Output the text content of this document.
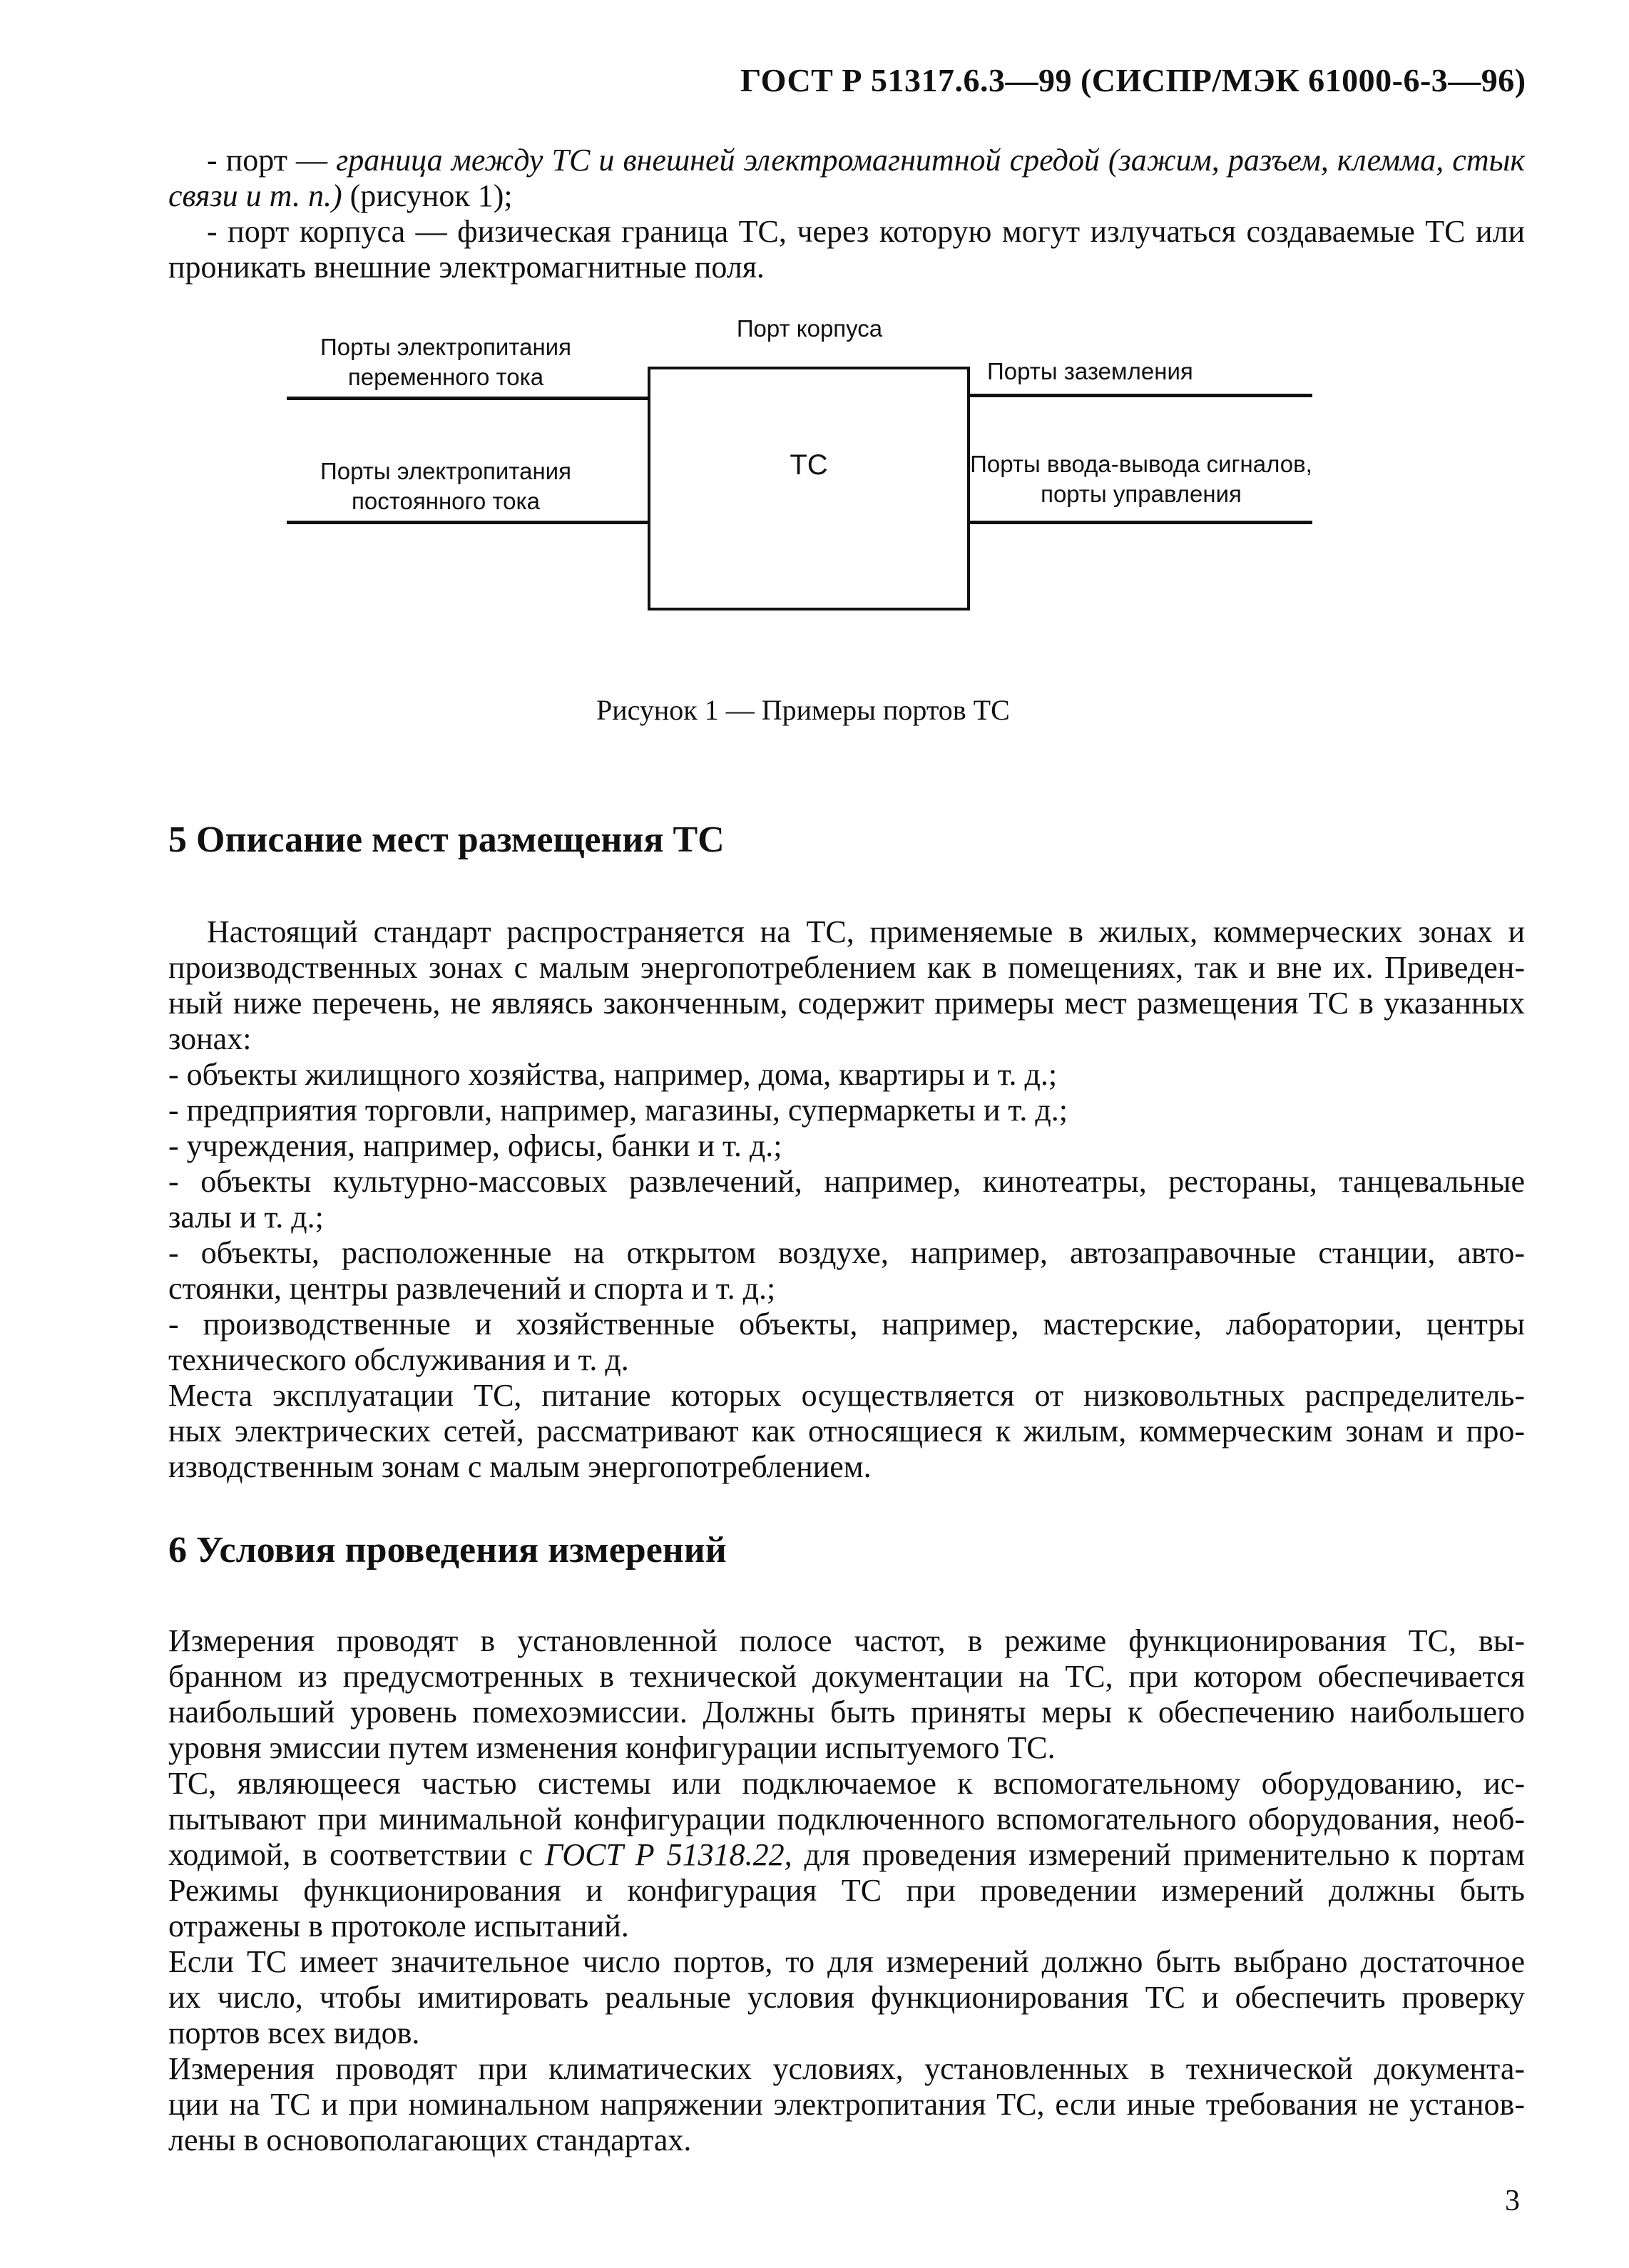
ГОСТ Р 51317.6.3—99 (СИСПР/МЭК 61000-6-3—96)

- порт — граница между ТС и внешней электромагнитной средой (зажим, разъем, клемма, стык

связи и т. п.) (рисунок 1);

- порт корпуса — физическая граница ТС, через которую могут излучаться создаваемые ТС или

проникать внешние электромагнитные поля.

Порт корпуса

Порты электропитания
переменного тока

Порты электропитания
постоянного тока

ТС

Порты заземления

Порты ввода-вывода сигналов,
порты управления

Рисунок 1 — Примеры портов ТС

5 Описание мест размещения ТС

Настоящий стандарт распространяется на ТС, применяемые в жилых, коммерческих зонах и

производственных зонах с малым энергопотреблением как в помещениях, так и вне их. Приведен-

ный ниже перечень, не являясь законченным, содержит примеры мест размещения ТС в указанных

зонах:

- объекты жилищного хозяйства, например, дома, квартиры и т. д.;

- предприятия торговли, например, магазины, супермаркеты и т. д.;

- учреждения, например, офисы, банки и т. д.;

- объекты культурно-массовых развлечений, например, кинотеатры, рестораны, танцевальные

залы и т. д.;

- объекты, расположенные на открытом воздухе, например, автозаправочные станции, авто-

стоянки, центры развлечений и спорта и т. д.;

- производственные и хозяйственные объекты, например, мастерские, лаборатории, центры

технического обслуживания и т. д.

Места эксплуатации ТС, питание которых осуществляется от низковольтных распределитель-

ных электрических сетей, рассматривают как относящиеся к жилым, коммерческим зонам и про-

изводственным зонам с малым энергопотреблением.

6 Условия проведения измерений

Измерения проводят в установленной полосе частот, в режиме функционирования ТС, вы-

бранном из предусмотренных в технической документации на ТС, при котором обеспечивается

наибольший уровень помехоэмиссии. Должны быть приняты меры к обеспечению наибольшего

уровня эмиссии путем изменения конфигурации испытуемого ТС.

ТС, являющееся частью системы или подключаемое к вспомогательному оборудованию, ис-

пытывают при минимальной конфигурации подключенного вспомогательного оборудования, необ-

ходимой, в соответствии с ГОСТ Р 51318.22, для проведения измерений применительно к портам

Режимы функционирования и конфигурация ТС при проведении измерений должны быть

отражены в протоколе испытаний.

Если ТС имеет значительное число портов, то для измерений должно быть выбрано достаточное

их число, чтобы имитировать реальные условия функционирования ТС и обеспечить проверку

портов всех видов.

Измерения проводят при климатических условиях, установленных в технической документа-

ции на ТС и при номинальном напряжении электропитания ТС, если иные требования не установ-

лены в основополагающих стандартах.

3
